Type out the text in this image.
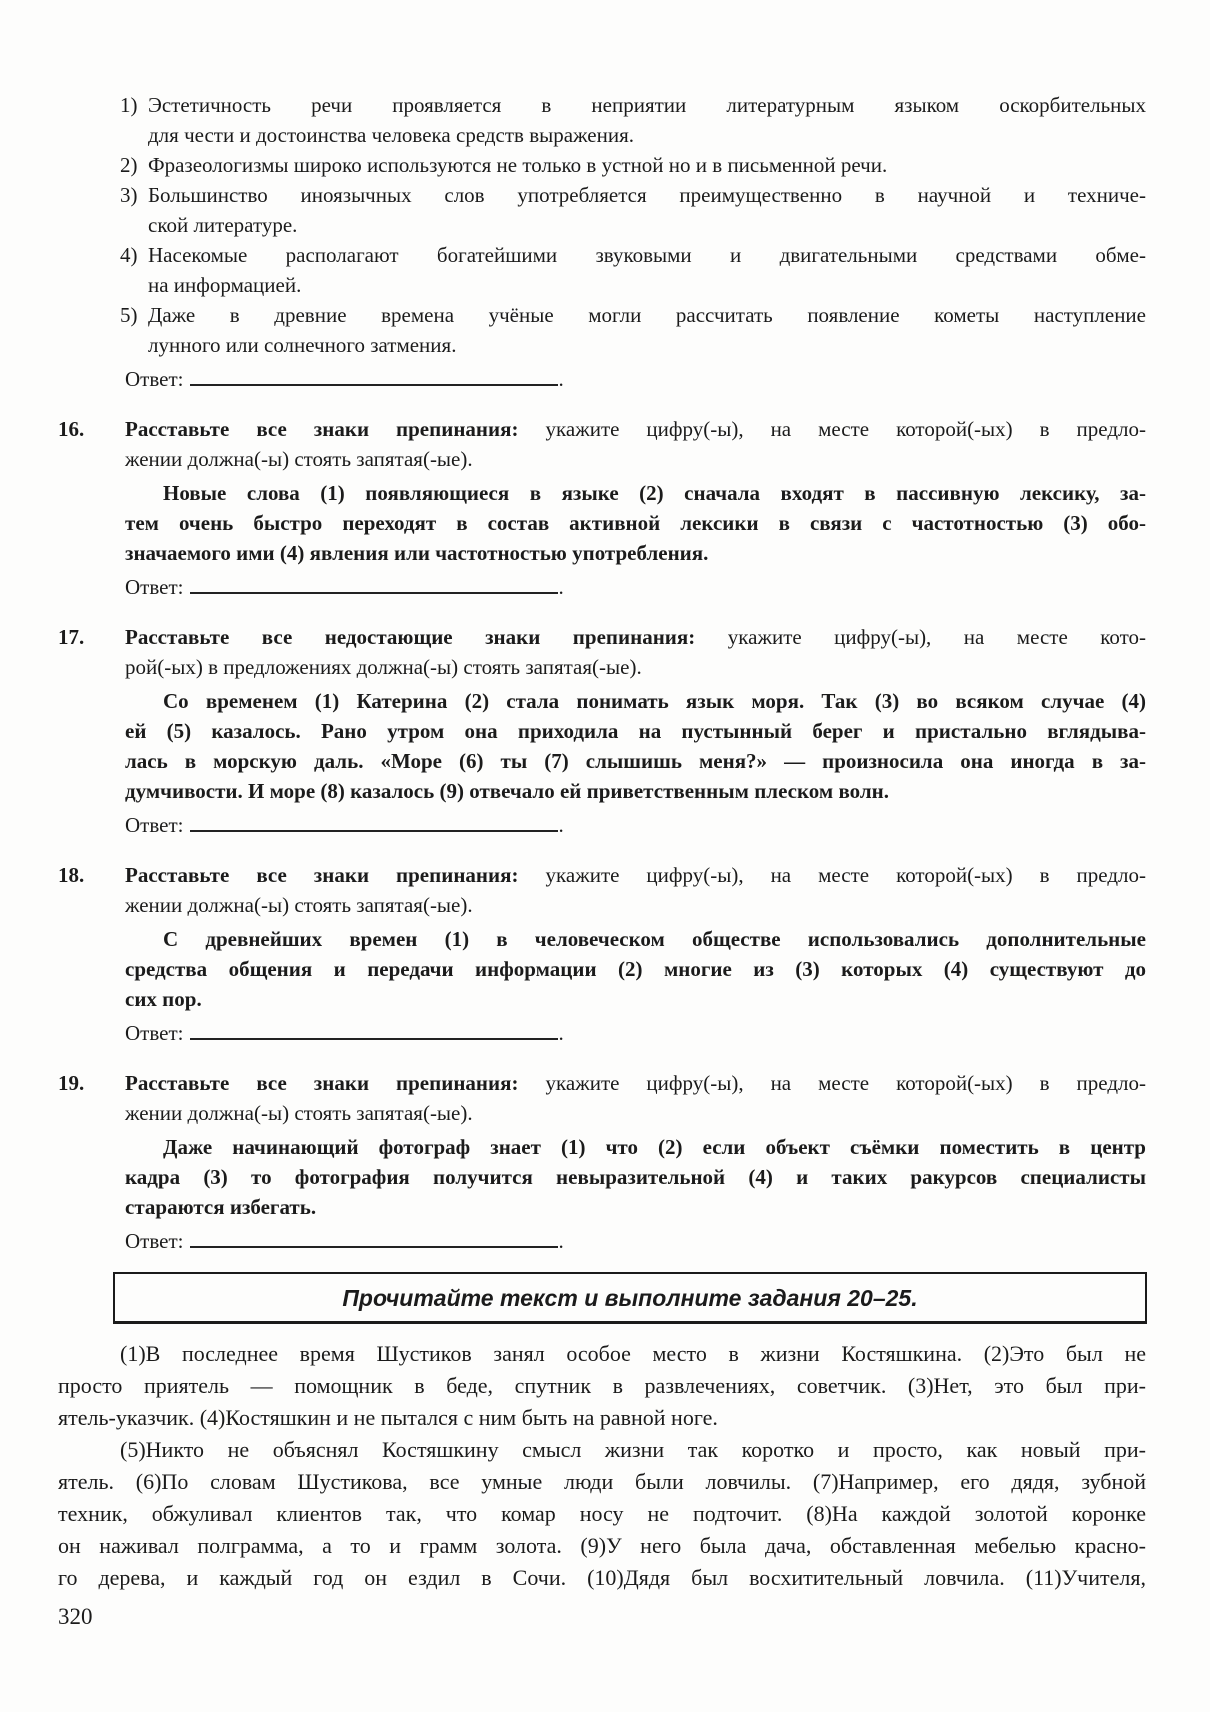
1) Эстетичность речи проявляется в неприятии литературным языком оскорбительных
для чести и достоинства человека средств выражения.
2) Фразеологизмы широко используются не только в устной но и в письменной речи.
3) Большинство иноязычных слов употребляется преимущественно в научной и техниче-
ской литературе.
4) Насекомые располагают богатейшими звуковыми и двигательными средствами обме-
на информацией.
5) Даже в древние времена учёные могли рассчитать появление кометы наступление
лунного или солнечного затмения.
Ответ:	.
16. Расставьте все знаки препинания: укажите цифру(-ы), на месте которой(-ых) в предло-
жении должна(-ы) стоять запятая(-ые).
Новые слова (1) появляющиеся в языке (2) сначала входят в пассивную лексику, за-
тем очень быстро переходят в состав активной лексики в связи с частотностью (3) обо-
значаемого ими (4) явления или частотностью употребления.
Ответ:	.
17. Расставьте все недостающие знаки препинания: укажите цифру(-ы), на месте кото-
рой(-ых) в предложениях должна(-ы) стоять запятая(-ые).
Со временем (1) Катерина (2) стала понимать язык моря. Так (3) во всяком случае (4)
ей (5) казалось. Рано утром она приходила на пустынный берег и пристально вглядыва-
лась в морскую даль. «Море (6) ты (7) слышишь меня?» — произносила она иногда в за-
думчивости. И море (8) казалось (9) отвечало ей приветственным плеском волн.
Ответ:	.
18. Расставьте все знаки препинания: укажите цифру(-ы), на месте которой(-ых) в предло-
жении должна(-ы) стоять запятая(-ые).
С древнейших времен (1) в человеческом обществе использовались дополнительные
средства общения и передачи информации (2) многие из (3) которых (4) существуют до
сих пор.
Ответ:	.
19. Расставьте все знаки препинания: укажите цифру(-ы), на месте которой(-ых) в предло-
жении должна(-ы) стоять запятая(-ые).
Даже начинающий фотограф знает (1) что (2) если объект съёмки поместить в центр
кадра (3) то фотография получится невыразительной (4) и таких ракурсов специалисты
стараются избегать.
Ответ:	.
Прочитайте текст и выполните задания 20–25.
(1)В последнее время Шустиков занял особое место в жизни Костяшкина. (2)Это был не
просто приятель — помощник в беде, спутник в развлечениях, советчик. (3)Нет, это был при-
ятель-указчик. (4)Костяшкин и не пытался с ним быть на равной ноге.
(5)Никто не объяснял Костяшкину смысл жизни так коротко и просто, как новый при-
ятель. (6)По словам Шустикова, все умные люди были ловчилы. (7)Например, его дядя, зубной
техник, обжуливал клиентов так, что комар носу не подточит. (8)На каждой золотой коронке
он наживал полграмма, а то и грамм золота. (9)У него была дача, обставленная мебелью красно-
го дерева, и каждый год он ездил в Сочи. (10)Дядя был восхитительный ловчила. (11)Учителя,
320
